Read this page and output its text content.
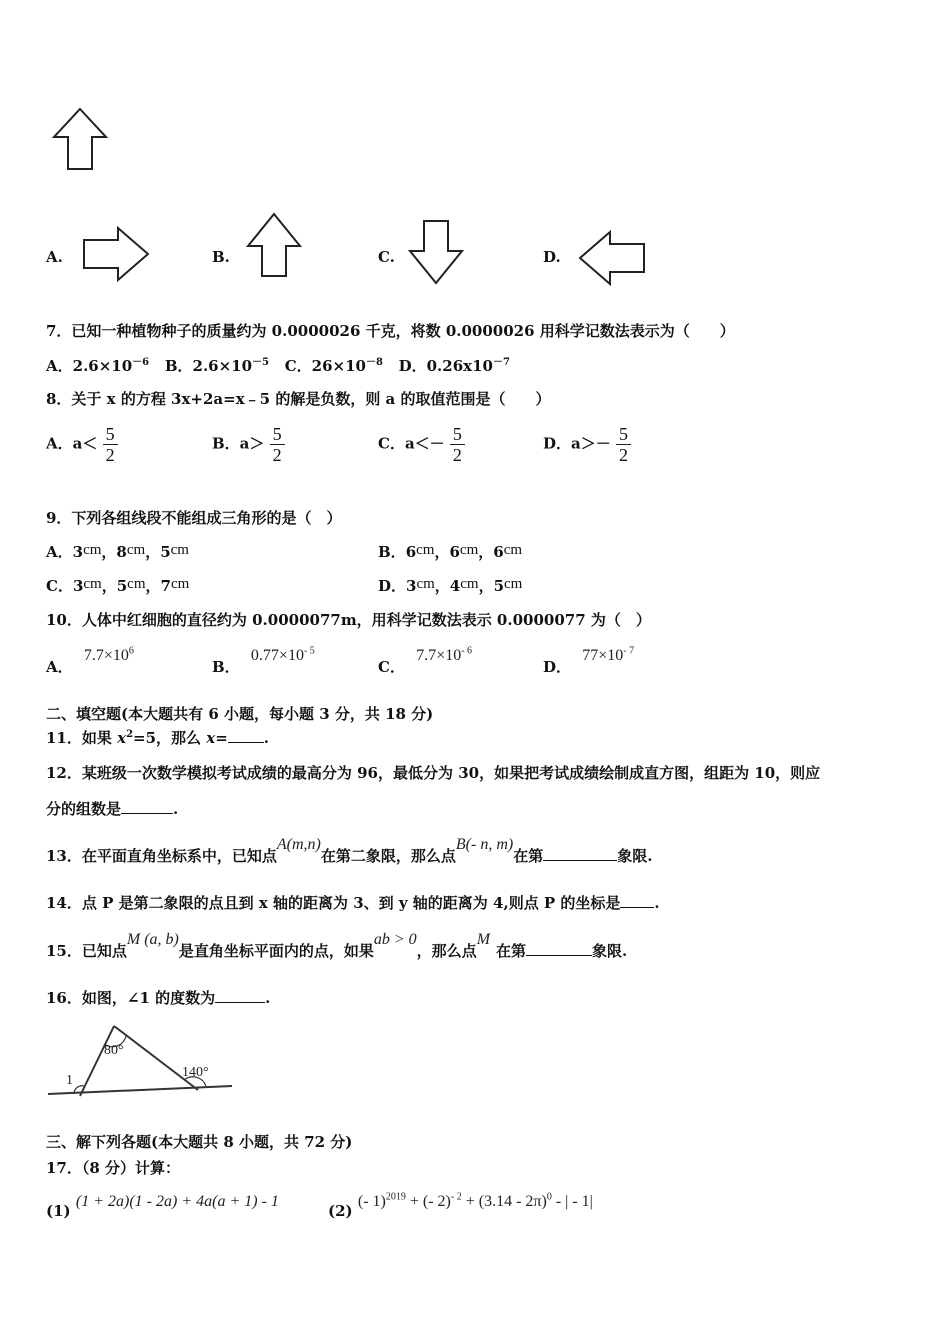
A.	B.	C.	D.
7．已知一种植物种子的质量约为 0.0000026 千克，将数 0.0000026 用科学记数法表示为（　　）
A．$2.6\times 10^{-6}$ B．$2.6\times 10^{-5}$ C．$26\times 10^{-8}$ D．$0.26x10^{-7}$
8．关于 x 的方程 3x+2a=x﹣5 的解是负数，则 a 的取值范围是（　　）
A．$a< \frac{5}{2}$	B．$a> \frac{5}{2}$	C．$a<- \frac{5}{2}$	D．$a>- \frac{5}{2}$
9．下列各组线段不能组成三角形的是（　）
A．3cm，8cm，5cm	B．6cm，6cm，6cm
C．3cm，5cm，7cm	D．3cm，4cm，5cm
10．人体中红细胞的直径约为 0.0000077m，用科学记数法表示 0.0000077 为（　）
A． $7.7\times 10^6$
B． $0.77\times 10^{- 5}$
C． $7.7\times 10^{- 6}$
D． $77\times 10^{- 7}$
二、填空题(本大题共有 6 小题，每小题 3 分，共 18 分)
11．如果 $x^2=5$，那么 x= .
12．某班级一次数学模拟考试成绩的最高分为 96，最低分为 30，如果把考试成绩绘制成直方图，组距为 10，则应
分的组数是	.
13．在平面直角坐标系中，已知点A(m,n)在第二象限，那么点B(- n, m)在第	象限.
14．点 P 是第二象限的点且到 x 轴的距离为 3、到 y 轴的距离为 4,则点 P 的坐标是 .
15．已知点M (a, b)是直角坐标平面内的点，如果ab > 0，那么点M在第	象限.
16．如图，∠1 的度数为	.
80°
140°
1
三、解下列各题(本大题共 8 小题，共 72 分)
17．（8 分）计算：
(1) (1 + 2a)(1 - 2a) + 4a(a + 1) - 1
(2) (- 1)$^{2019}$ + (- 2)$^{- 2}$ + (3.14 - 2π)$^0$ - | - 1|
